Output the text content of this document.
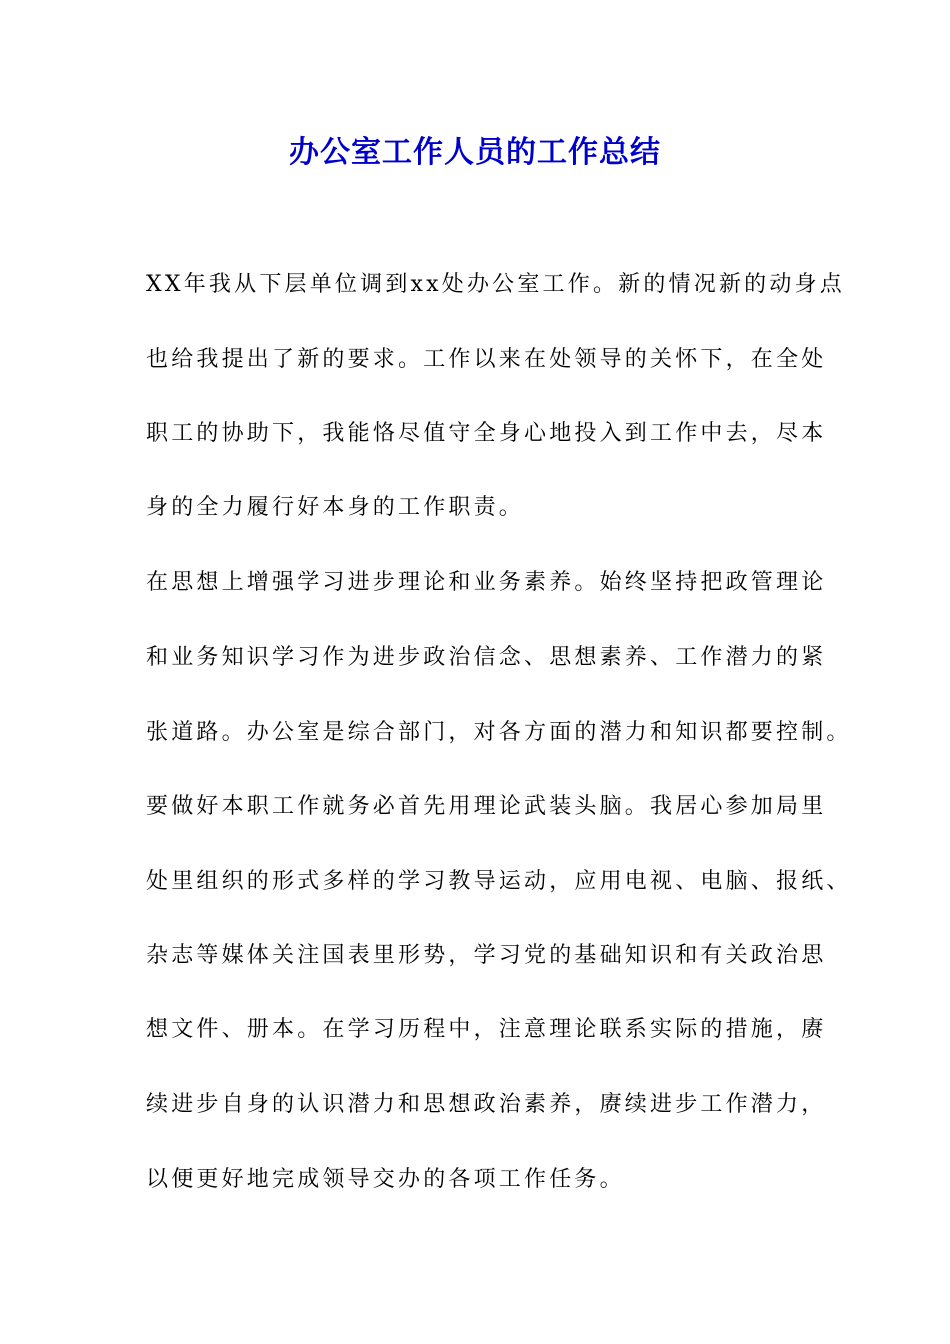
办公室工作人员的工作总结
XX年我从下层单位调到xx处办公室工作。新的情况新的动身点
也给我提出了新的要求。工作以来在处领导的关怀下，在全处
职工的协助下，我能恪尽值守全身心地投入到工作中去，尽本
身的全力履行好本身的工作职责。
在思想上增强学习进步理论和业务素养。始终坚持把政管理论
和业务知识学习作为进步政治信念、思想素养、工作潜力的紧
张道路。办公室是综合部门，对各方面的潜力和知识都要控制。
要做好本职工作就务必首先用理论武装头脑。我居心参加局里
处里组织的形式多样的学习教导运动，应用电视、电脑、报纸、
杂志等媒体关注国表里形势，学习党的基础知识和有关政治思
想文件、册本。在学习历程中，注意理论联系实际的措施，赓
续进步自身的认识潜力和思想政治素养，赓续进步工作潜力，
以便更好地完成领导交办的各项工作任务。
